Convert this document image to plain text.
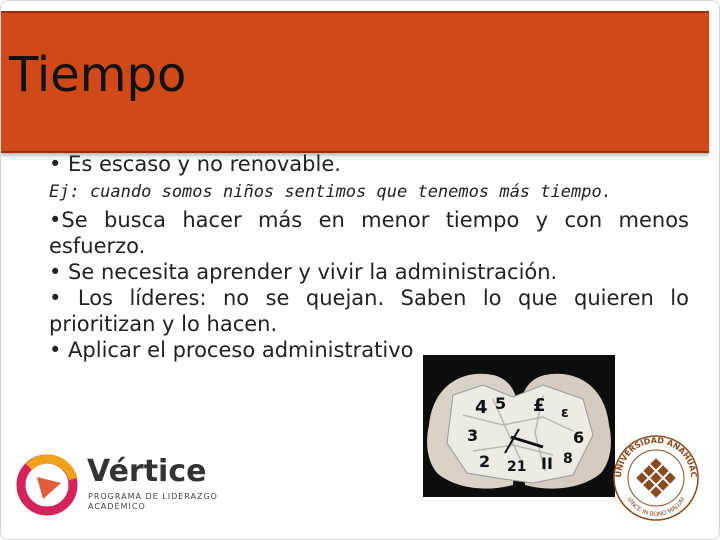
Tiempo

• Es escaso y no renovable.

Ej: cuando somos niños sentimos que tenemos más tiempo.

•Se busca hacer más en menor tiempo y con menos

esfuerzo.

• Se necesita aprender y vivir la administración.

• Los líderes: no se quejan. Saben lo que quieren lo

prioritizan y lo hacen.

• Aplicar el proceso administrativo

4 5 £ ε
3	6
2 21 II 8
Vértice
PROGRAMA DE LIDERAZGO
ACADÉMICO
UNIVERSIDAD ANÁHUAC
VINCE IN BONO MALUM
